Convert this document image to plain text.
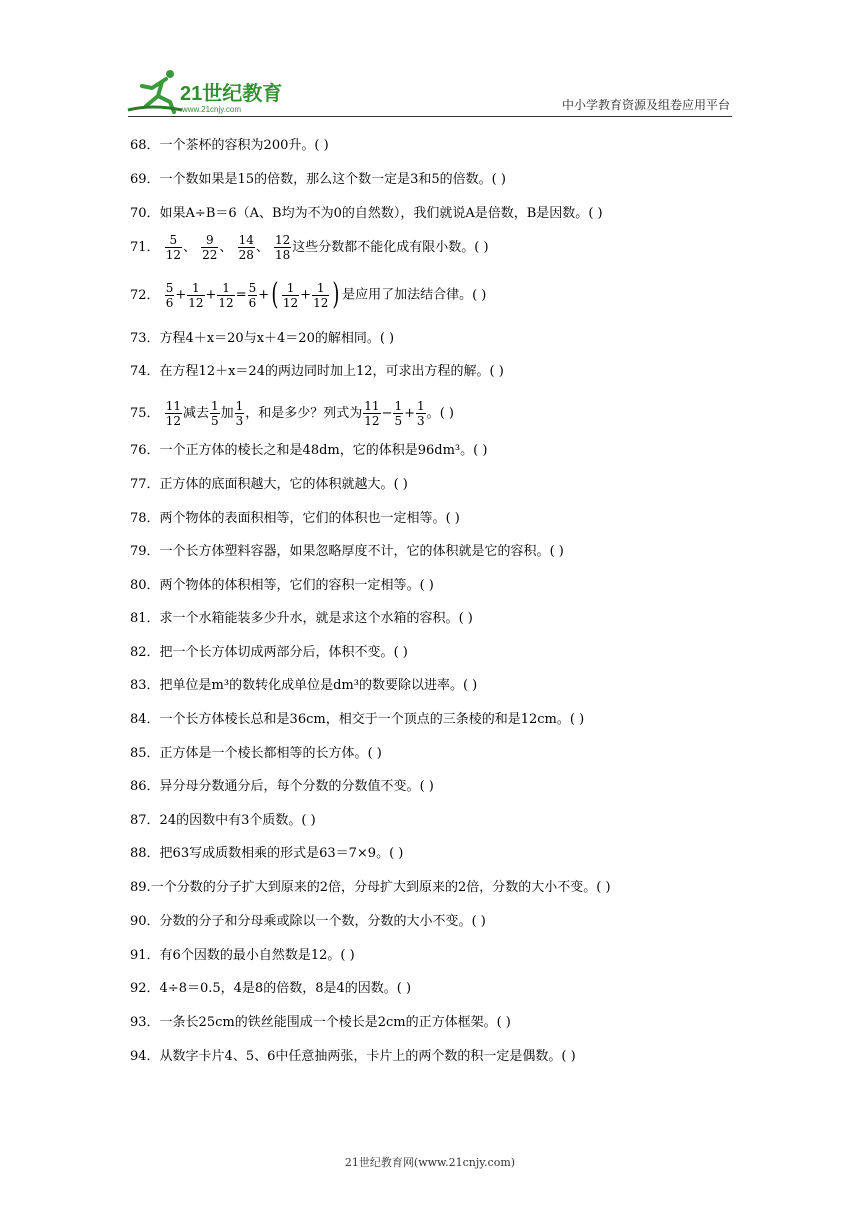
21世纪教育
www.21cnjy.com	中小学教育资源及组卷应用平台
68．一个茶杯的容积为200升。( )
69．一个数如果是15的倍数，那么这个数一定是3和5的倍数。( )
70．如果A÷B＝6（A、B均为不为0的自然数），我们就说A是倍数，B是因数。( )
71． $\frac{5}{12}$ 、 $\frac{9}{22}$ 、 $\frac{14}{28}$ 、 $\frac{12}{18}$ 这些分数都不能化成有限小数。( )
72． $\frac{5}{6} + \frac{1}{12} + \frac{1}{12} = \frac{5}{6}$ +( $\frac{1}{12} + \frac{1}{12}$ ) 是应用了加法结合律。( )
73．方程4＋x＝20与x＋4＝20的解相同。( )
74．在方程12＋x＝24的两边同时加上12，可求出方程的解。( )
75． $\frac{11}{12}$ 减去 $\frac{1}{5}$ 加 $\frac{1}{3}$ ，和是多少？列式为 $\frac{11}{12} - \frac{1}{5} + \frac{1}{3}$ 。( )
76．一个正方体的棱长之和是48dm，它的体积是96dm³。( )
77．正方体的底面积越大，它的体积就越大。( )
78．两个物体的表面积相等，它们的体积也一定相等。( )
79．一个长方体塑料容器，如果忽略厚度不计，它的体积就是它的容积。( )
80．两个物体的体积相等，它们的容积一定相等。( )
81．求一个水箱能装多少升水，就是求这个水箱的容积。( )
82．把一个长方体切成两部分后，体积不变。( )
83．把单位是m³的数转化成单位是dm³的数要除以进率。( )
84．一个长方体棱长总和是36cm，相交于一个顶点的三条棱的和是12cm。( )
85．正方体是一个棱长都相等的长方体。( )
86．异分母分数通分后，每个分数的分数值不变。( )
87．24的因数中有3个质数。( )
88．把63写成质数相乘的形式是63＝7×9。( )
89.一个分数的分子扩大到原来的2倍，分母扩大到原来的2倍，分数的大小不变。( )
90．分数的分子和分母乘或除以一个数，分数的大小不变。( )
91．有6个因数的最小自然数是12。( )
92．4÷8＝0.5，4是8的倍数，8是4的因数。( )
93．一条长25cm的铁丝能围成一个棱长是2cm的正方体框架。( )
94．从数字卡片4、5、6中任意抽两张，卡片上的两个数的积一定是偶数。( )
21世纪教育网(www.21cnjy.com)
